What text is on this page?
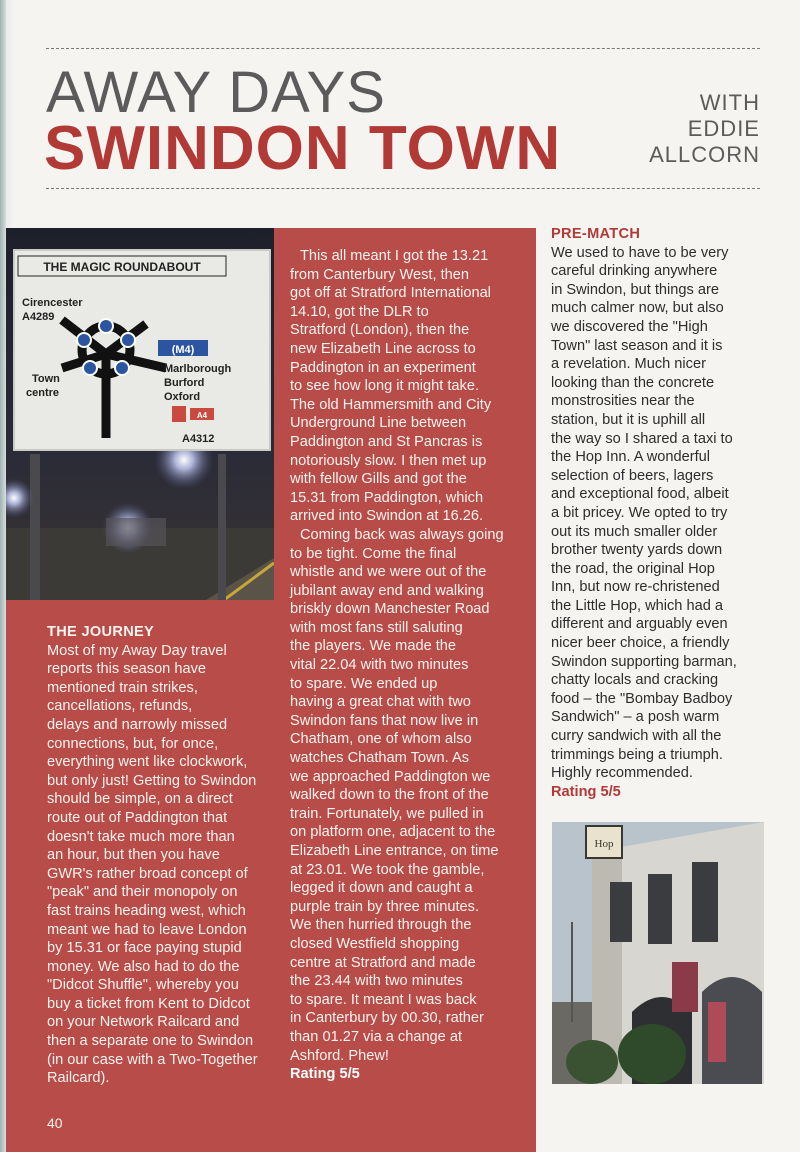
AWAY DAYS
SWINDON TOWN
WITH
EDDIE
ALLCORN
THE MAGIC ROUNDABOUT
Cirencester
A4289
Town
centre
(M4)
Marlborough
Burford
Oxford
A4
A4312

THE JOURNEY

Most of my Away Day travel

reports this season have

mentioned train strikes,

cancellations, refunds,

delays and narrowly missed

connections, but, for once,

everything went like clockwork,

but only just! Getting to Swindon

should be simple, on a direct

route out of Paddington that

doesn't take much more than

an hour, but then you have

GWR's rather broad concept of

"peak" and their monopoly on

fast trains heading west, which

meant we had to leave London

by 15.31 or face paying stupid

money. We also had to do the

"Didcot Shuffle", whereby you

buy a ticket from Kent to Didcot

on your Network Railcard and

then a separate one to Swindon

(in our case with a Two-Together

Railcard).

This all meant I got the 13.21

from Canterbury West, then

got off at Stratford International

14.10, got the DLR to

Stratford (London), then the

new Elizabeth Line across to

Paddington in an experiment

to see how long it might take.

The old Hammersmith and City

Underground Line between

Paddington and St Pancras is

notoriously slow. I then met up

with fellow Gills and got the

15.31 from Paddington, which

arrived into Swindon at 16.26.

Coming back was always going

to be tight. Come the final

whistle and we were out of the

jubilant away end and walking

briskly down Manchester Road

with most fans still saluting

the players. We made the

vital 22.04 with two minutes

to spare. We ended up

having a great chat with two

Swindon fans that now live in

Chatham, one of whom also

watches Chatham Town. As

we approached Paddington we

walked down to the front of the

train. Fortunately, we pulled in

on platform one, adjacent to the

Elizabeth Line entrance, on time

at 23.01. We took the gamble,

legged it down and caught a

purple train by three minutes.

We then hurried through the

closed Westfield shopping

centre at Stratford and made

the 23.44 with two minutes

to spare. It meant I was back

in Canterbury by 00.30, rather

than 01.27 via a change at

Ashford. Phew!

Rating 5/5

PRE-MATCH

We used to have to be very

careful drinking anywhere

in Swindon, but things are

much calmer now, but also

we discovered the "High

Town" last season and it is

a revelation. Much nicer

looking than the concrete

monstrosities near the

station, but it is uphill all

the way so I shared a taxi to

the Hop Inn. A wonderful

selection of beers, lagers

and exceptional food, albeit

a bit pricey. We opted to try

out its much smaller older

brother twenty yards down

the road, the original Hop

Inn, but now re-christened

the Little Hop, which had a

different and arguably even

nicer beer choice, a friendly

Swindon supporting barman,

chatty locals and cracking

food – the "Bombay Badboy

Sandwich" – a posh warm

curry sandwich with all the

trimmings being a triumph.

Highly recommended.

Rating 5/5

Hop
40
